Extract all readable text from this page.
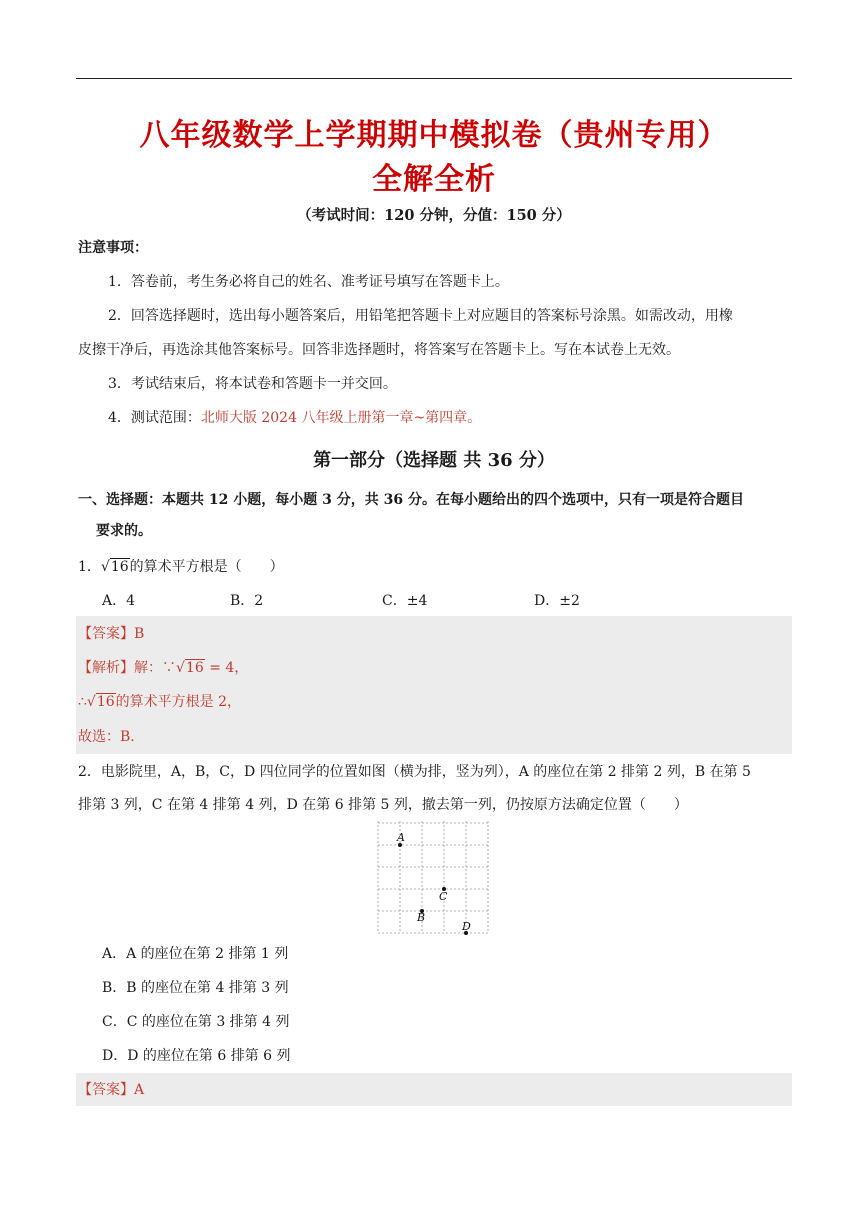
八年级数学上学期期中模拟卷（贵州专用）
全解全析
（考试时间：120 分钟，分值：150 分）
注意事项：
1．答卷前，考生务必将自己的姓名、准考证号填写在答题卡上。
2．回答选择题时，选出每小题答案后，用铅笔把答题卡上对应题目的答案标号涂黑。如需改动，用橡
皮擦干净后，再选涂其他答案标号。回答非选择题时，将答案写在答题卡上。写在本试卷上无效。
3．考试结束后，将本试卷和答题卡一并交回。
4．测试范围：北师大版 2024 八年级上册第一章~第四章。
第一部分（选择题 共 36 分）
一、选择题：本题共 12 小题，每小题 3 分，共 36 分。在每小题给出的四个选项中，只有一项是符合题目
要求的。
1．√16的算术平方根是（　　）
A．4	B．2	C．±4	D．±2
【答案】B
【解析】解：∵√16 = 4，
∴√16的算术平方根是 2，
故选：B.
2．电影院里，A，B，C，D 四位同学的位置如图（横为排，竖为列），A 的座位在第 2 排第 2 列，B 在第 5
排第 3 列，C 在第 4 排第 4 列，D 在第 6 排第 5 列，撤去第一列，仍按原方法确定位置（　　）
A
B
C
D
A．A 的座位在第 2 排第 1 列
B．B 的座位在第 4 排第 3 列
C．C 的座位在第 3 排第 4 列
D．D 的座位在第 6 排第 6 列
【答案】A
